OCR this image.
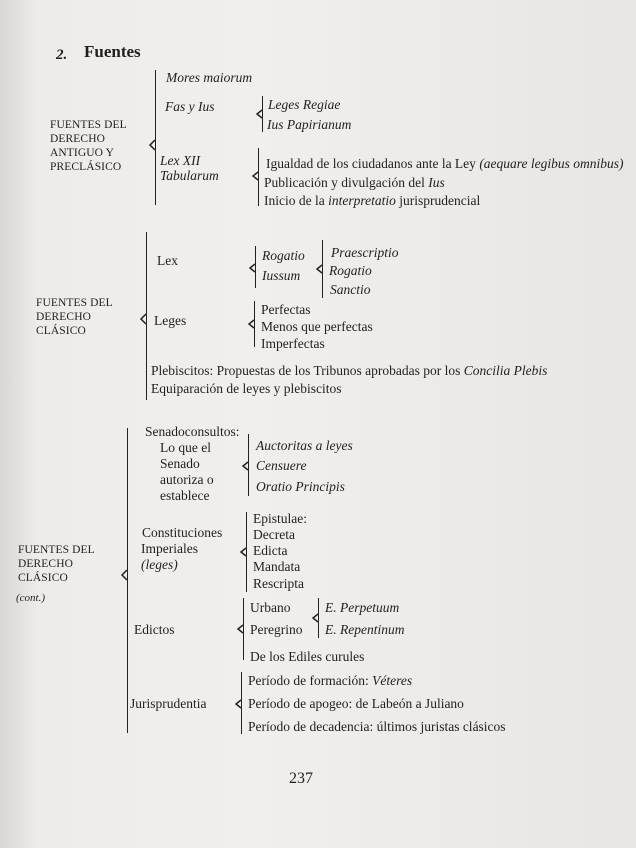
2. Fuentes
FUENTES DEL DERECHO ANTIGUO Y PRECLÁSICO
Mores maiorum
Fas y Ius	Leges Regiae
Ius Papirianum
Lex XII
Tabularum
Igualdad de los ciudadanos ante la Ley (aequare legibus omnibus)
Publicación y divulgación del Ius
Inicio de la interpretatio jurisprudencial
FUENTES DEL DERECHO CLÁSICO
Lex	Rogatio
Iussum
Praescriptio
Rogatio
Sanctio
Leges
Perfectas
Menos que perfectas
Imperfectas
Plebiscitos: Propuestas de los Tribunos aprobadas por los Concilia Plebis
Equiparación de leyes y plebiscitos
FUENTES DEL DERECHO CLÁSICO
(cont.)
Senadoconsultos:
Lo que el
Senado
autoriza o
establece
Auctoritas a leyes
Censuere
Oratio Principis
Constituciones
Imperiales
(leges)
Epistulae:
Decreta
Edicta
Mandata
Rescripta
Edictos
Urbano
Peregrino
De los Ediles curules
E. Perpetuum
E. Repentinum
Jurisprudentia
Período de formación: Véteres
Período de apogeo: de Labeón a Juliano
Período de decadencia: últimos juristas clásicos
237
